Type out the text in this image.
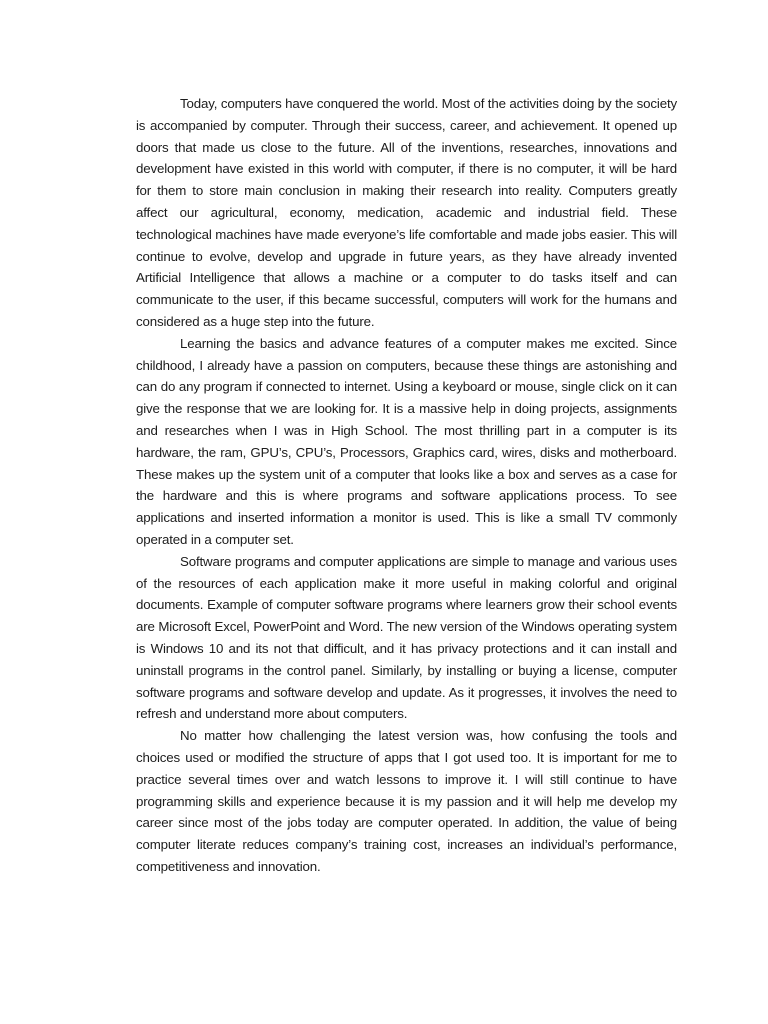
Today, computers have conquered the world. Most of the activities doing by the society is accompanied by computer. Through their success, career, and achievement. It opened up doors that made us close to the future. All of the inventions, researches, innovations and development have existed in this world with computer, if there is no computer, it will be hard for them to store main conclusion in making their research into reality. Computers greatly affect our agricultural, economy, medication, academic and industrial field. These technological machines have made everyone’s life comfortable and made jobs easier. This will continue to evolve, develop and upgrade in future years, as they have already invented Artificial Intelligence that allows a machine or a computer to do tasks itself and can communicate to the user, if this became successful, computers will work for the humans and considered as a huge step into the future.

Learning the basics and advance features of a computer makes me excited. Since childhood, I already have a passion on computers, because these things are astonishing and can do any program if connected to internet. Using a keyboard or mouse, single click on it can give the response that we are looking for. It is a massive help in doing projects, assignments and researches when I was in High School. The most thrilling part in a computer is its hardware, the ram, GPU’s, CPU’s, Processors, Graphics card, wires, disks and motherboard. These makes up the system unit of a computer that looks like a box and serves as a case for the hardware and this is where programs and software applications process. To see applications and inserted information a monitor is used. This is like a small TV commonly operated in a computer set.

Software programs and computer applications are simple to manage and various uses of the resources of each application make it more useful in making colorful and original documents. Example of computer software programs where learners grow their school events are Microsoft Excel, PowerPoint and Word. The new version of the Windows operating system is Windows 10 and its not that difficult, and it has privacy protections and it can install and uninstall programs in the control panel. Similarly, by installing or buying a license, computer software programs and software develop and update. As it progresses, it involves the need to refresh and understand more about computers.

No matter how challenging the latest version was, how confusing the tools and choices used or modified the structure of apps that I got used too. It is important for me to practice several times over and watch lessons to improve it. I will still continue to have programming skills and experience because it is my passion and it will help me develop my career since most of the jobs today are computer operated. In addition, the value of being computer literate reduces company’s training cost, increases an individual’s performance, competitiveness and innovation.
